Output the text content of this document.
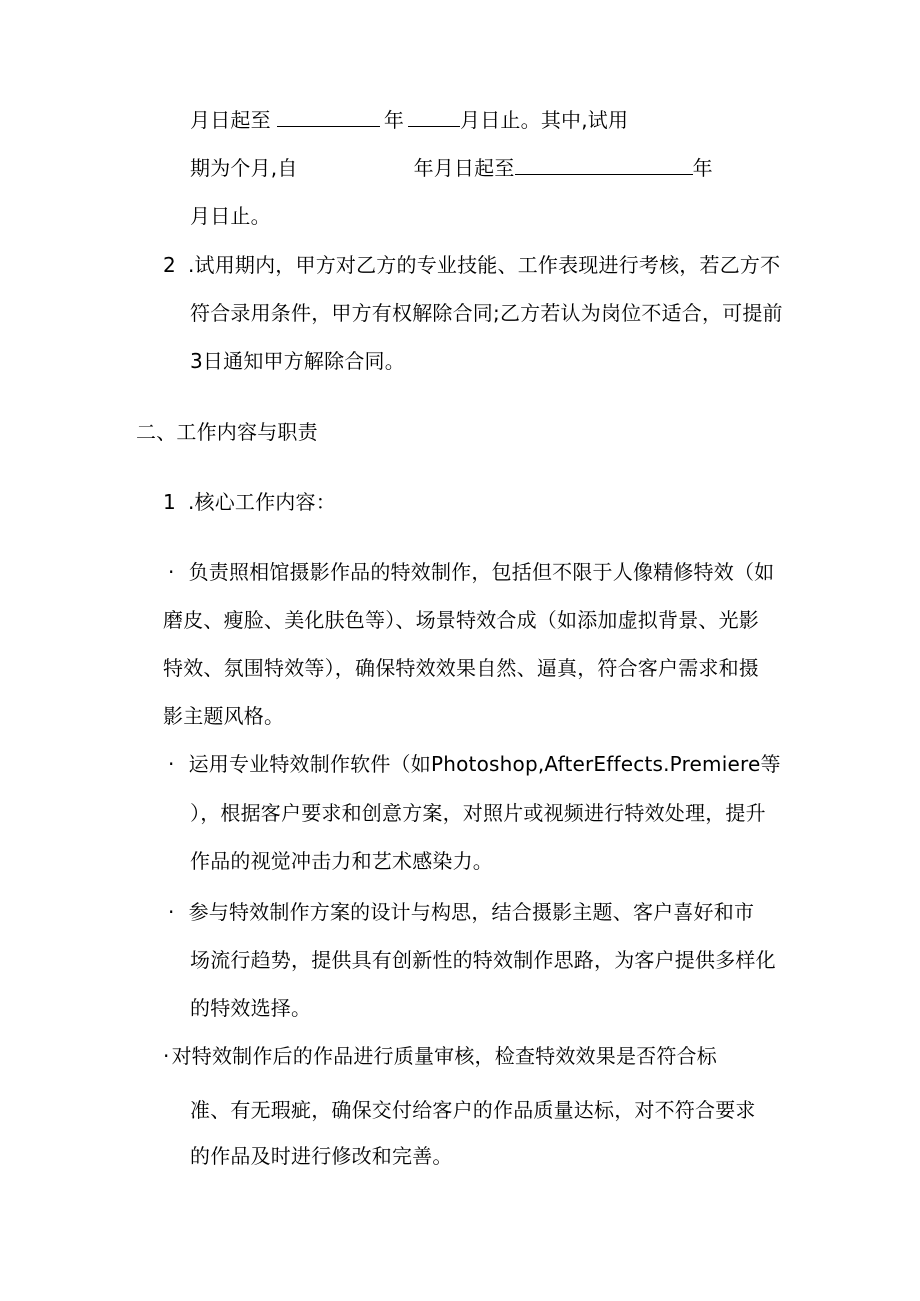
月日起至	年	月日止。其中,试用
期为个月,自	年月日起至	年
月日止。
2 .试用期内，甲方对乙方的专业技能、工作表现进行考核，若乙方不
符合录用条件，甲方有权解除合同;乙方若认为岗位不适合，可提前
3日通知甲方解除合同。
二、工作内容与职责
1 .核心工作内容：
· 负责照相馆摄影作品的特效制作，包括但不限于人像精修特效（如
磨皮、瘦脸、美化肤色等）、场景特效合成（如添加虚拟背景、光影
特效、氛围特效等），确保特效效果自然、逼真，符合客户需求和摄
影主题风格。
· 运用专业特效制作软件（如Photoshop,AfterEffects.Premiere等
），根据客户要求和创意方案，对照片或视频进行特效处理，提升
作品的视觉冲击力和艺术感染力。
· 参与特效制作方案的设计与构思，结合摄影主题、客户喜好和市
场流行趋势，提供具有创新性的特效制作思路，为客户提供多样化
的特效选择。
· 对特效制作后的作品进行质量审核，检查特效效果是否符合标
准、有无瑕疵，确保交付给客户的作品质量达标，对不符合要求
的作品及时进行修改和完善。
